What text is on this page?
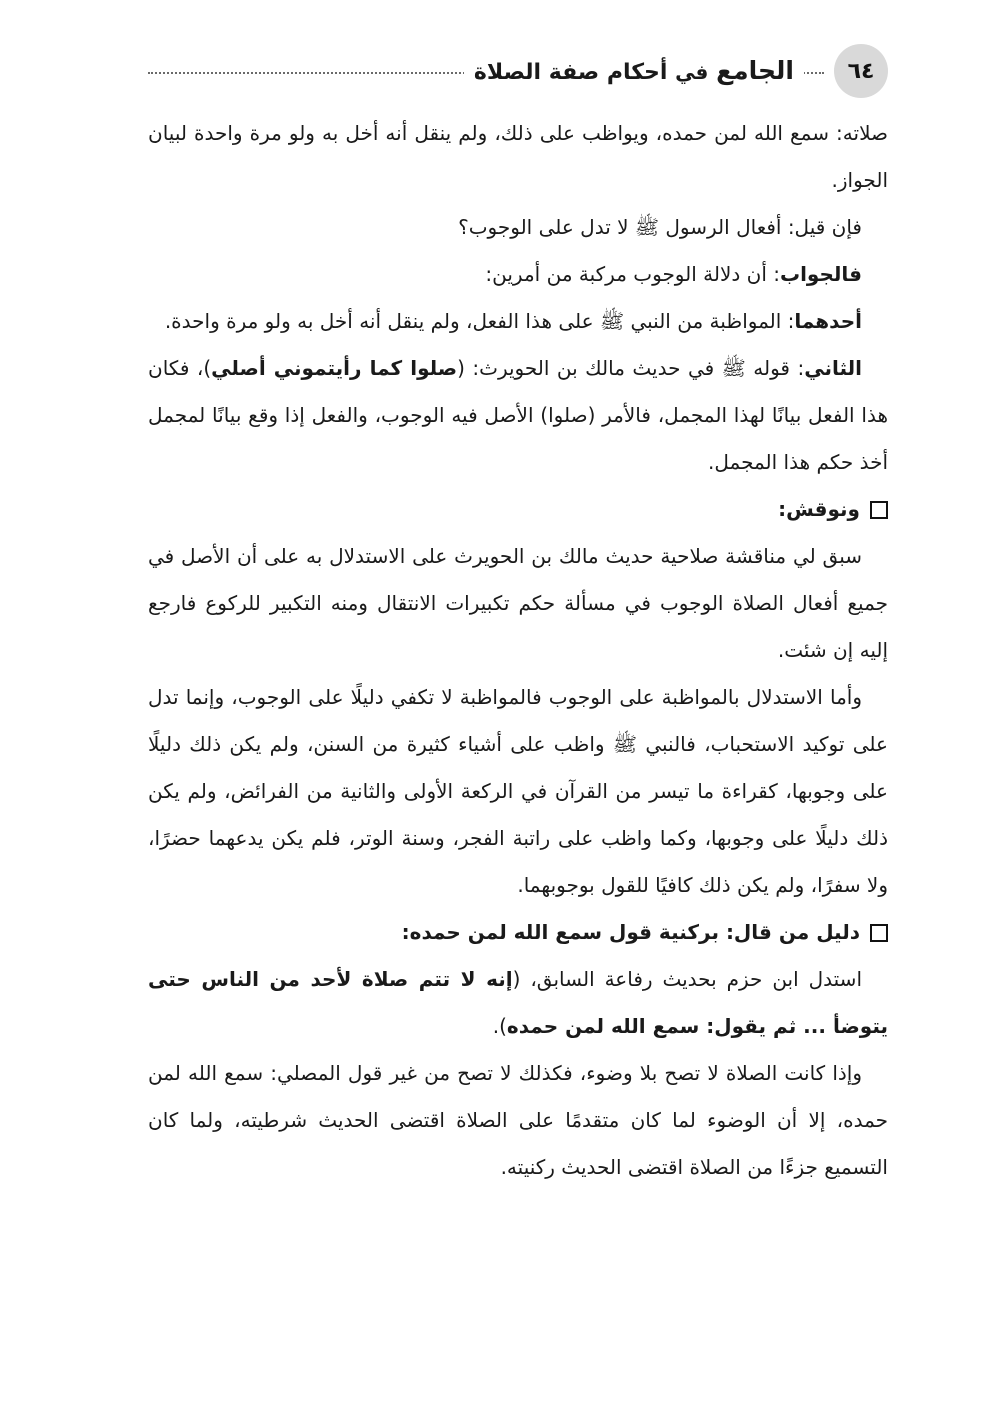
٦٤
الجامع في أحكام صفة الصلاة

صلاته: سمع الله لمن حمده، ويواظب على ذلك، ولم ينقل أنه أخل به ولو مرة واحدة لبيان الجواز.

فإن قيل: أفعال الرسول ﷺ لا تدل على الوجوب؟

فالجواب: أن دلالة الوجوب مركبة من أمرين:

أحدهما: المواظبة من النبي ﷺ على هذا الفعل، ولم ينقل أنه أخل به ولو مرة واحدة.

الثاني: قوله ﷺ في حديث مالك بن الحويرث: (صلوا كما رأيتموني أصلي)، فكان هذا الفعل بيانًا لهذا المجمل، فالأمر (صلوا) الأصل فيه الوجوب، والفعل إذا وقع بيانًا لمجمل أخذ حكم هذا المجمل.

ونوقش:

سبق لي مناقشة صلاحية حديث مالك بن الحويرث على الاستدلال به على أن الأصل في جميع أفعال الصلاة الوجوب في مسألة حكم تكبيرات الانتقال ومنه التكبير للركوع فارجع إليه إن شئت.

وأما الاستدلال بالمواظبة على الوجوب فالمواظبة لا تكفي دليلًا على الوجوب، وإنما تدل على توكيد الاستحباب، فالنبي ﷺ واظب على أشياء كثيرة من السنن، ولم يكن ذلك دليلًا على وجوبها، كقراءة ما تيسر من القرآن في الركعة الأولى والثانية من الفرائض، ولم يكن ذلك دليلًا على وجوبها، وكما واظب على راتبة الفجر، وسنة الوتر، فلم يكن يدعهما حضرًا، ولا سفرًا، ولم يكن ذلك كافيًا للقول بوجوبهما.

دليل من قال: بركنية قول سمع الله لمن حمده:

استدل ابن حزم بحديث رفاعة السابق، (إنه لا تتم صلاة لأحد من الناس حتى يتوضأ ... ثم يقول: سمع الله لمن حمده).

وإذا كانت الصلاة لا تصح بلا وضوء، فكذلك لا تصح من غير قول المصلي: سمع الله لمن حمده، إلا أن الوضوء لما كان متقدمًا على الصلاة اقتضى الحديث شرطيته، ولما كان التسميع جزءًا من الصلاة اقتضى الحديث ركنيته.
